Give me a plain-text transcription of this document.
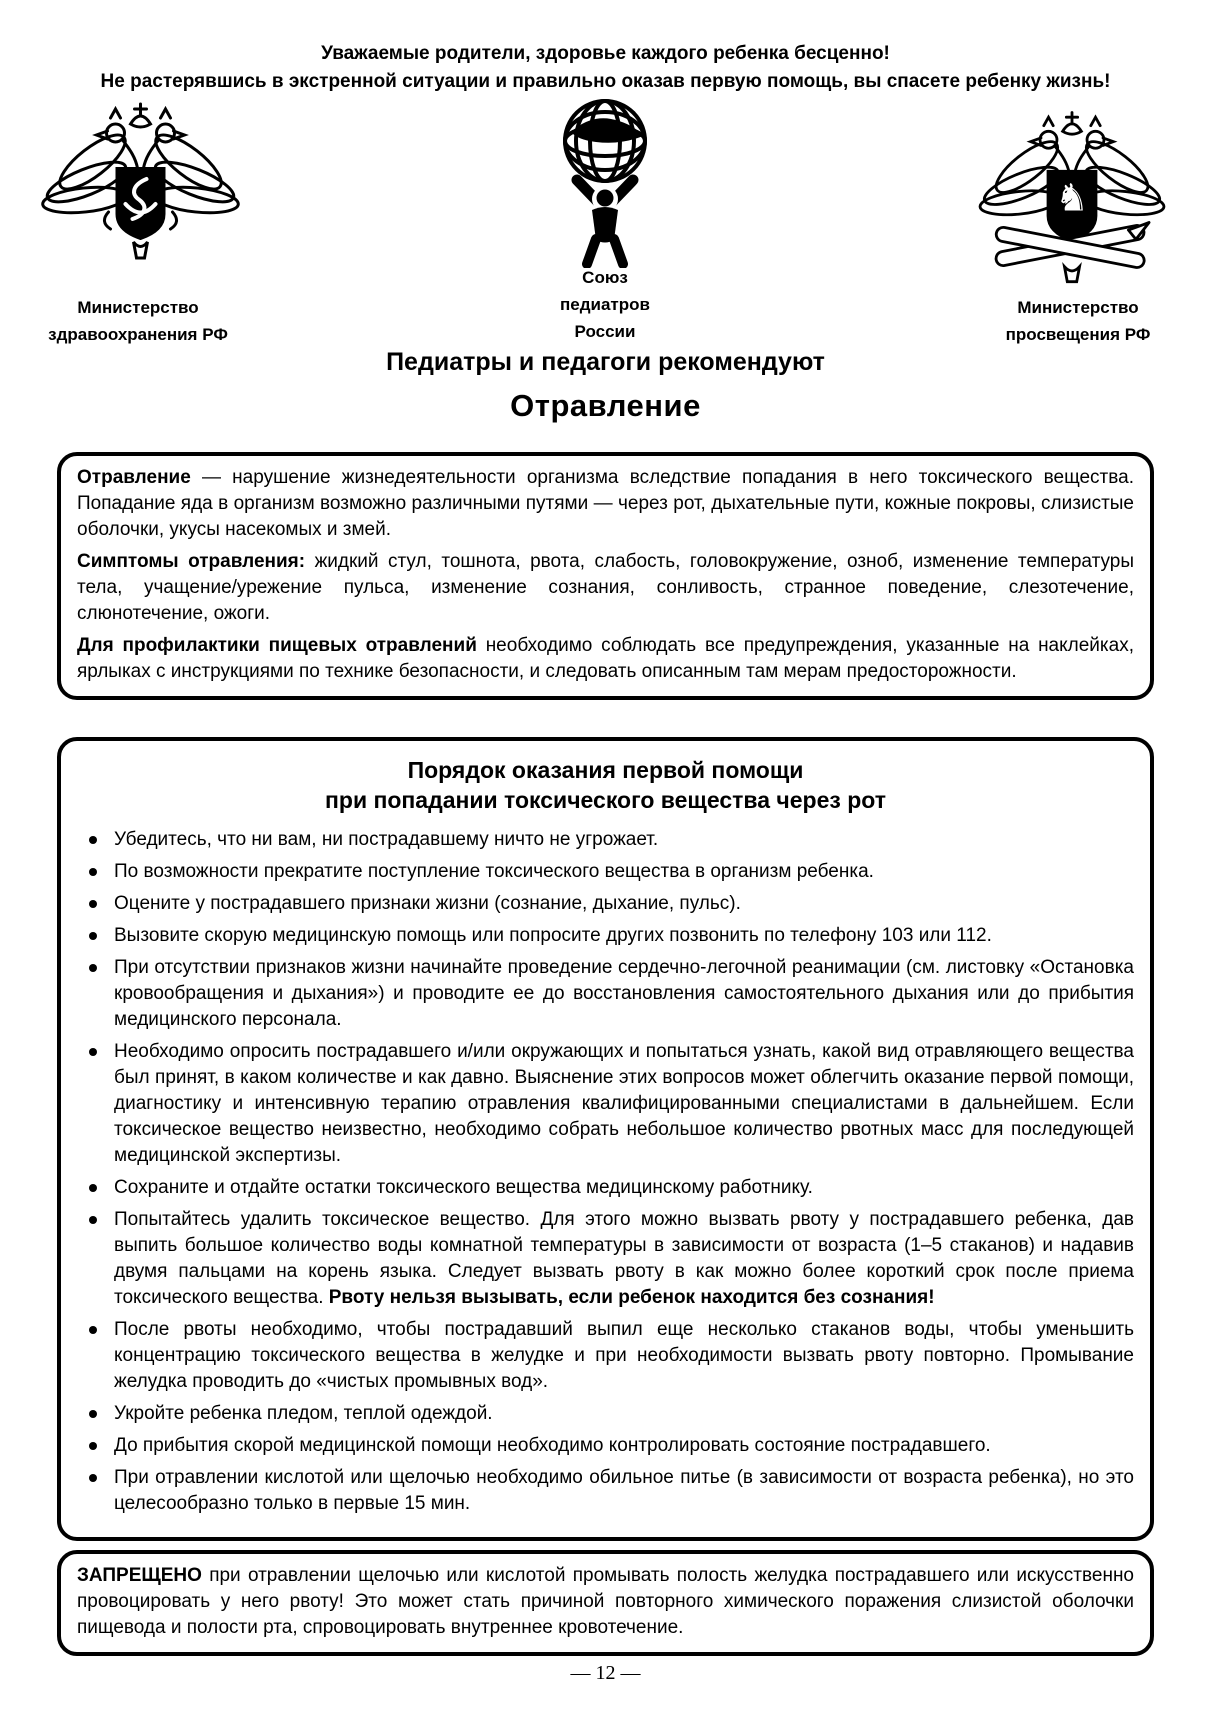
Уважаемые родители, здоровье каждого ребенка бесценно!
Не растерявшись в экстренной ситуации и правильно оказав первую помощь, вы спасете ребенку жизнь!
♞
Министерство
здравоохранения РФ
Союз
педиатров
России
Министерство
просвещения РФ
Педиатры и педагоги рекомендуют
Отравление

Отравление — нарушение жизнедеятельности организма вследствие попадания в него токсического вещества. Попадание яда в организм возможно различными путями — через рот, дыхательные пути, кожные покровы, слизистые оболочки, укусы насекомых и змей.

Симптомы отравления: жидкий стул, тошнота, рвота, слабость, головокружение, озноб, изменение температуры тела, учащение/урежение пульса, изменение сознания, сонливость, странное поведение, слезотечение, слюнотечение, ожоги.

Для профилактики пищевых отравлений необходимо соблюдать все предупреждения, указанные на наклейках, ярлыках с инструкциями по технике безопасности, и следовать описанным там мерам предосторожности.

Порядок оказания первой помощи
при попадании токсического вещества через рот
Убедитесь, что ни вам, ни пострадавшему ничто не угрожает.
По возможности прекратите поступление токсического вещества в организм ребенка.
Оцените у пострадавшего признаки жизни (сознание, дыхание, пульс).
Вызовите скорую медицинскую помощь или попросите других позвонить по телефону 103 или 112.
При отсутствии признаков жизни начинайте проведение сердечно-легочной реанимации (см. листовку «Остановка кровообращения и дыхания») и проводите ее до восстановления самостоятельного дыхания или до прибытия медицинского персонала.
Необходимо опросить пострадавшего и/или окружающих и попытаться узнать, какой вид отравляющего вещества был принят, в каком количестве и как давно. Выяснение этих вопросов может облегчить оказание первой помощи, диагностику и интенсивную терапию отравления квалифицированными специалистами в дальнейшем. Если токсическое вещество неизвестно, необходимо собрать небольшое количество рвотных масс для последующей медицинской экспертизы.
Сохраните и отдайте остатки токсического вещества медицинскому работнику.
Попытайтесь удалить токсическое вещество. Для этого можно вызвать рвоту у пострадавшего ребенка, дав выпить большое количество воды комнатной температуры в зависимости от возраста (1–5 стаканов) и надавив двумя пальцами на корень языка. Следует вызвать рвоту в как можно более короткий срок после приема токсического вещества. Рвоту нельзя вызывать, если ребенок находится без сознания!
После рвоты необходимо, чтобы пострадавший выпил еще несколько стаканов воды, чтобы уменьшить концентрацию токсического вещества в желудке и при необходимости вызвать рвоту повторно. Промывание желудка проводить до «чистых промывных вод».
Укройте ребенка пледом, теплой одеждой.
До прибытия скорой медицинской помощи необходимо контролировать состояние пострадавшего.
При отравлении кислотой или щелочью необходимо обильное питье (в зависимости от возраста ребенка), но это целесообразно только в первые 15 мин.

ЗАПРЕЩЕНО при отравлении щелочью или кислотой промывать полость желудка пострадавшего или искусственно провоцировать у него рвоту! Это может стать причиной повторного химического поражения слизистой оболочки пищевода и полости рта, спровоцировать внутреннее кровотечение.

— 12 —
